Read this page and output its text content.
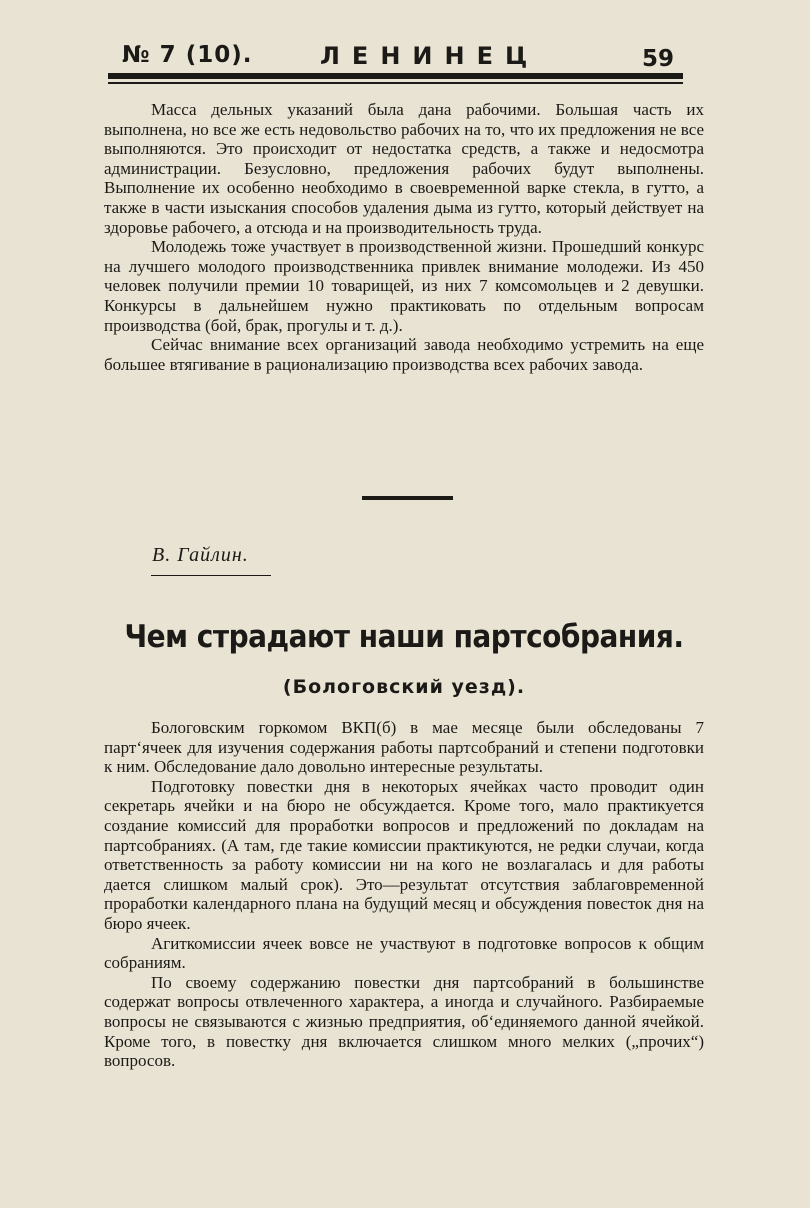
№ 7 (10).	ЛЕНИНЕЦ	59

Масса дельных указаний была дана рабочими. Большая часть их выполнена, но все же есть недовольство рабочих на то, что их предложения не все выполняются. Это происходит от недостатка средств, а также и недосмотра администрации. Безусловно, предложения рабочих будут выполнены. Выполнение их особенно необходимо в своевременной варке стекла, в гутто, а также в части изыскания способов удаления дыма из гутто, который действует на здоровье рабочего, а отсюда и на производительность труда.

Молодежь тоже участвует в производственной жизни. Прошедший конкурс на лучшего молодого производственника привлек внимание молодежи. Из 450 человек получили премии 10 товарищей, из них 7 комсомольцев и 2 девушки. Конкурсы в дальнейшем нужно практиковать по отдельным вопросам производства (бой, брак, прогулы и т. д.).

Сейчас внимание всех организаций завода необходимо устремить на еще большее втягивание в рационализацию производства всех рабочих завода.

В. Гайлин.
Чем страдают наши партсобрания.
(Бологовский уезд).

Бологовским горкомом ВКП(б) в мае месяце были обследованы 7 парт‘ячеек для изучения содержания работы партсобраний и степени подготовки к ним. Обследование дало довольно интересные результаты.

Подготовку повестки дня в некоторых ячейках часто проводит один секретарь ячейки и на бюро не обсуждается. Кроме того, мало практикуется создание комиссий для проработки вопросов и предложений по докладам на партсобраниях. (А там, где такие комиссии практикуются, не редки случаи, когда ответственность за работу комиссии ни на кого не возлагалась и для работы дается слишком малый срок). Это—результат отсутствия заблаговременной проработки календарного плана на будущий месяц и обсуждения повесток дня на бюро ячеек.

Агиткомиссии ячеек вовсе не участвуют в подготовке вопросов к общим собраниям.

По своему содержанию повестки дня партсобраний в большинстве содержат вопросы отвлеченного характера, а иногда и случайного. Разбираемые вопросы не связываются с жизнью предприятия, об‘единяемого данной ячейкой. Кроме того, в повестку дня включается слишком много мелких („прочих“) вопросов.
